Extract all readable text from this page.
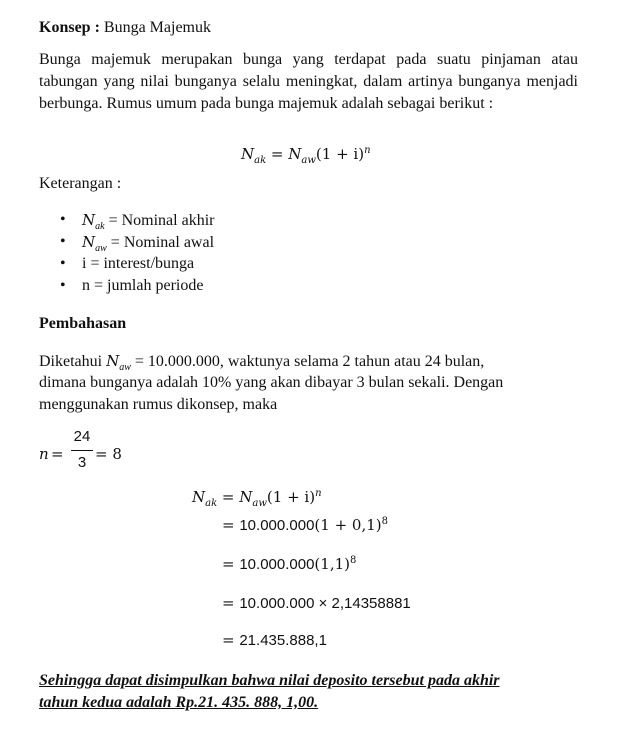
Konsep : Bunga Majemuk
Bunga majemuk merupakan bunga yang terdapat pada suatu pinjaman atau tabungan yang nilai bunganya selalu meningkat, dalam artinya bunganya menjadi berbunga. Rumus umum pada bunga majemuk adalah sebagai berikut :
$N_{ak} = N_{aw}(1 + i)^n$
Keterangan :
• $N_{ak}$ = Nominal akhir
• $N_{aw}$ = Nominal awal
• i = interest/bunga
• n = jumlah periode
Pembahasan
Diketahui $N_{aw} = 10.000.000$, waktunya selama 2 tahun atau 24 bulan,
dimana bunganya adalah 10% yang akan dibayar 3 bulan sekali. Dengan
menggunakan rumus dikonsep, maka
n =
24
3 = 8
$N_{ak} = N_{aw}(1 + i)^n$
= $10.000.000(1 + 0,1)^8$
= $10.000.000(1,1)^8$
= 10.000.000 × 2,14358881
= 21.435.888,1
Sehingga dapat disimpulkan bahwa nilai deposito tersebut pada akhir
tahun kedua adalah Rp.21. 435. 888, 1,00.
